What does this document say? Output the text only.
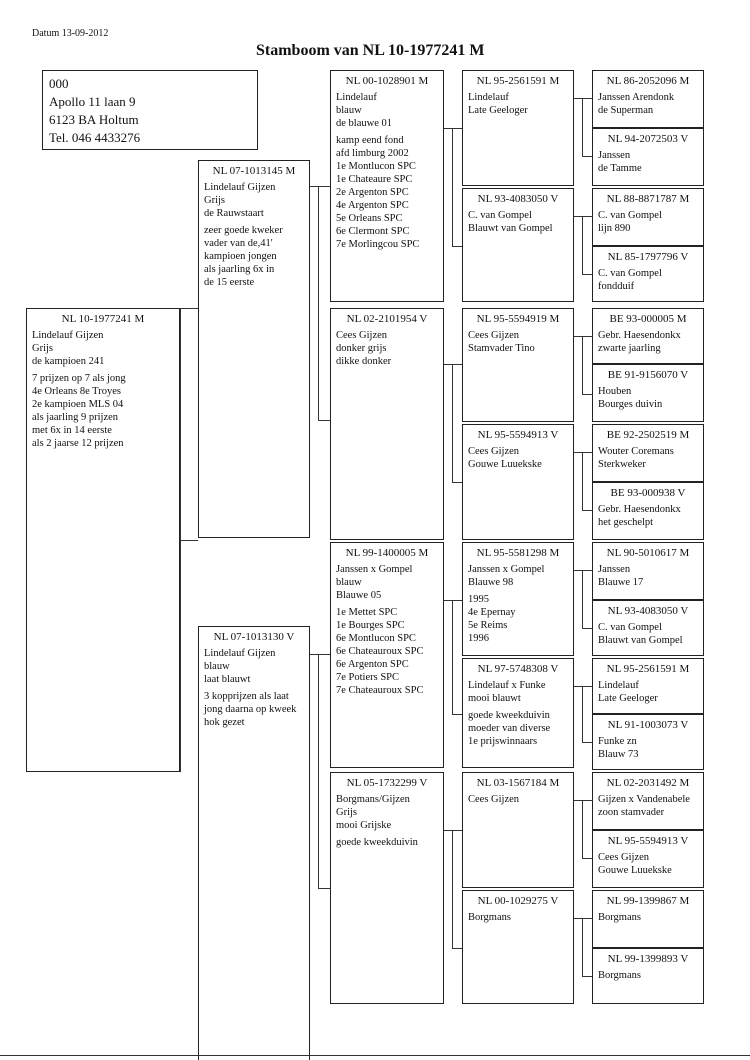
Datum 13-09-2012
Stamboom van NL 10-1977241 M
000
Apollo 11 laan 9
6123 BA Holtum
Tel. 046 4433276
NL 10-1977241 M
Lindelauf Gijzen
Grijs
de kampioen 241
7 prijzen op 7 als jong
4e Orleans 8e Troyes
2e kampioen MLS 04
als jaarling 9 prijzen
met 6x in 14 eerste
als 2 jaarse 12 prijzen
NL 07-1013145 M
Lindelauf Gijzen
Grijs
de Rauwstaart
zeer goede kweker
vader van de,41'
kampioen jongen
als jaarling 6x in
de 15 eerste
NL 07-1013130 V
Lindelauf Gijzen
blauw
laat blauwt
3 kopprijzen als laat
jong daarna op kweek
hok gezet
NL 00-1028901 M
Lindelauf
blauw
de blauwe 01
kamp eend fond
afd limburg 2002
1e Montlucon SPC
1e Chateaure SPC
2e Argenton SPC
4e Argenton SPC
5e Orleans SPC
6e Clermont SPC
7e Morlingcou SPC
NL 02-2101954 V
Cees Gijzen
donker grijs
dikke donker
NL 99-1400005 M
Janssen x Gompel
blauw
Blauwe 05
1e Mettet SPC
1e Bourges SPC
6e Montlucon SPC
6e Chateauroux SPC
6e Argenton SPC
7e Potiers SPC
7e Chateauroux SPC
NL 05-1732299 V
Borgmans/Gijzen
Grijs
mooi Grijske
goede kweekduivin
NL 95-2561591 M
Lindelauf
Late Geeloger
NL 93-4083050 V
C. van Gompel
Blauwt van Gompel
NL 95-5594919 M
Cees Gijzen
Stamvader Tino
NL 95-5594913 V
Cees Gijzen
Gouwe Luuekske
NL 95-5581298 M
Janssen x Gompel
Blauwe 98
1995
4e Epernay
5e Reims
1996
NL 97-5748308 V
Lindelauf x Funke
mooi blauwt
goede kweekduivin
moeder van diverse
1e prijswinnaars
NL 03-1567184 M
Cees Gijzen
NL 00-1029275 V
Borgmans
NL 86-2052096 M
Janssen Arendonk
de Superman
NL 94-2072503 V
Janssen
de Tamme
NL 88-8871787 M
C. van Gompel
lijn 890
NL 85-1797796 V
C. van Gompel
fondduif
BE 93-000005 M
Gebr. Haesendonkx
zwarte jaarling
BE 91-9156070 V
Houben
Bourges duivin
BE 92-2502519 M
Wouter Coremans
Sterkweker
BE 93-000938 V
Gebr. Haesendonkx
het geschelpt
NL 90-5010617 M
Janssen
Blauwe 17
NL 93-4083050 V
C. van Gompel
Blauwt van Gompel
NL 95-2561591 M
Lindelauf
Late Geeloger
NL 91-1003073 V
Funke zn
Blauw 73
NL 02-2031492 M
Gijzen x Vandenabele
zoon stamvader
NL 95-5594913 V
Cees Gijzen
Gouwe Luuekske
NL 99-1399867 M
Borgmans
NL 99-1399893 V
Borgmans
